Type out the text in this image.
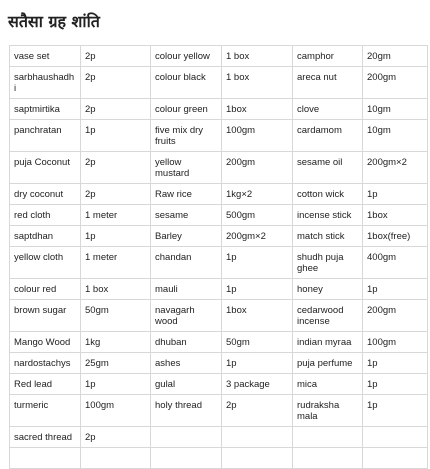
सतैसा ग्रह शांति
vase set	2p	colour yellow	1 box	camphor	20gm
sarbhaushadhi	2p	colour black	1 box	areca nut	200gm
saptmirtika	2p	colour green	1box	clove	10gm
panchratan	1p	five mix dry fruits	100gm	cardamom	10gm
puja Coconut	2p	yellow mustard	200gm	sesame oil	200gm×2
dry coconut	2p	Raw rice	1kg×2	cotton wick	1p
red cloth	1 meter	sesame	500gm	incense stick	1box
saptdhan	1p	Barley	200gm×2	match stick	1box(free)
yellow cloth	1 meter	chandan	1p	shudh puja ghee	400gm
colour red	1 box	mauli	1p	honey	1p
brown sugar	50gm	navagarh wood	1box	cedarwood incense	200gm
Mango Wood	1kg	dhuban	50gm	indian myraa	100gm
nardostachys	25gm	ashes	1p	puja perfume	1p
Red lead	1p	gulal	3 package	mica	1p
turmeric	100gm	holy thread	2p	rudraksha mala	1p
sacred thread	2p				
